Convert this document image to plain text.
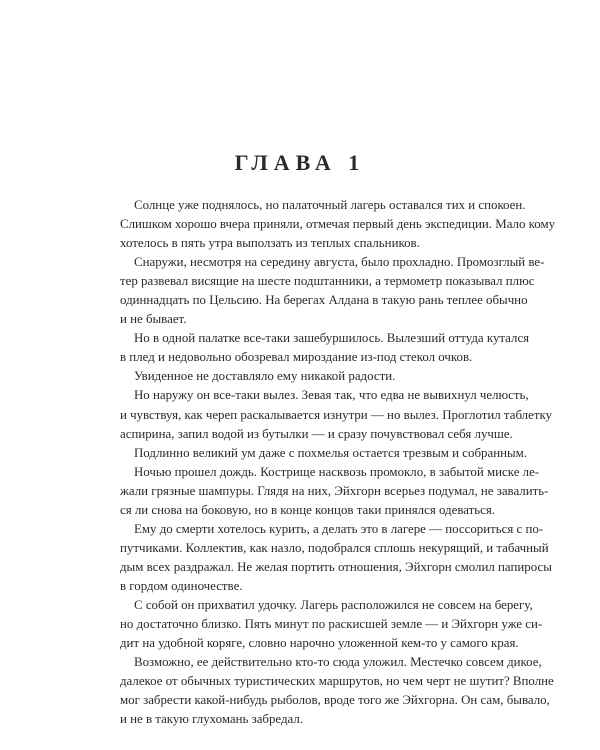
ГЛАВА 1
Солнце уже поднялось, но палаточный лагерь оставался тих и спокоен.
Слишком хорошо вчера приняли, отмечая первый день экспедиции. Мало кому
хотелось в пять утра выползать из теплых спальников.
Снаружи, несмотря на середину августа, было прохладно. Промозглый ве-
тер развевал висящие на шесте подштанники, а термометр показывал плюс
одиннадцать по Цельсию. На берегах Алдана в такую рань теплее обычно
и не бывает.
Но в одной палатке все-таки зашебуршилось. Вылезший оттуда кутался
в плед и недовольно обозревал мироздание из-под стекол очков.
Увиденное не доставляло ему никакой радости.
Но наружу он все-таки вылез. Зевая так, что едва не вывихнул челюсть,
и чувствуя, как череп раскалывается изнутри — но вылез. Проглотил таблетку
аспирина, запил водой из бутылки — и сразу почувствовал себя лучше.
Подлинно великий ум даже с похмелья остается трезвым и собранным.
Ночью прошел дождь. Кострище насквозь промокло, в забытой миске ле-
жали грязные шампуры. Глядя на них, Эйхгорн всерьез подумал, не завалить-
ся ли снова на боковую, но в конце концов таки принялся одеваться.
Ему до смерти хотелось курить, а делать это в лагере — поссориться с по-
путчиками. Коллектив, как назло, подобрался сплошь некурящий, и табачный
дым всех раздражал. Не желая портить отношения, Эйхгорн смолил папиросы
в гордом одиночестве.
С собой он прихватил удочку. Лагерь расположился не совсем на берегу,
но достаточно близко. Пять минут по раскисшей земле — и Эйхгорн уже си-
дит на удобной коряге, словно нарочно уложенной кем-то у самого края.
Возможно, ее действительно кто-то сюда уложил. Местечко совсем дикое,
далекое от обычных туристических маршрутов, но чем черт не шутит? Вполне
мог забрести какой-нибудь рыболов, вроде того же Эйхгорна. Он сам, бывало,
и не в такую глухомань забредал.
